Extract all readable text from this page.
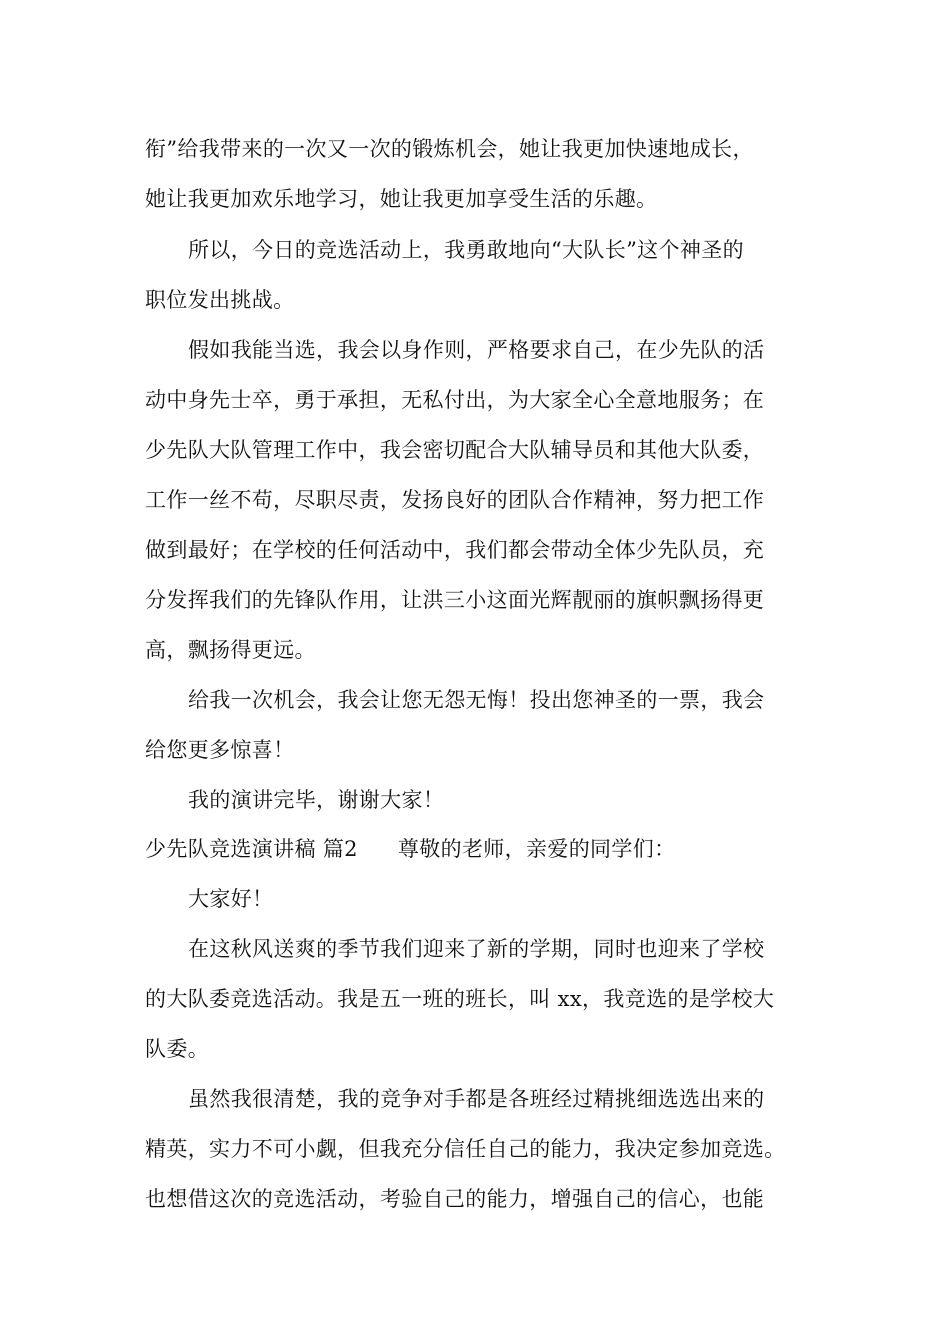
衔”给我带来的一次又一次的锻炼机会，她让我更加快速地成长，
她让我更加欢乐地学习，她让我更加享受生活的乐趣。
所以，今日的竞选活动上，我勇敢地向“大队长”这个神圣的
职位发出挑战。
假如我能当选，我会以身作则，严格要求自己，在少先队的活
动中身先士卒，勇于承担，无私付出，为大家全心全意地服务；在
少先队大队管理工作中，我会密切配合大队辅导员和其他大队委，
工作一丝不苟，尽职尽责，发扬良好的团队合作精神，努力把工作
做到最好；在学校的任何活动中，我们都会带动全体少先队员，充
分发挥我们的先锋队作用，让洪三小这面光辉靓丽的旗帜飘扬得更
高，飘扬得更远。
给我一次机会，我会让您无怨无悔！投出您神圣的一票，我会
给您更多惊喜！
我的演讲完毕，谢谢大家！
少先队竞选演讲稿 篇2 尊敬的老师，亲爱的同学们：
大家好！
在这秋风送爽的季节我们迎来了新的学期，同时也迎来了学校
的大队委竞选活动。我是五一班的班长，叫 xx，我竞选的是学校大
队委。
虽然我很清楚，我的竞争对手都是各班经过精挑细选选出来的
精英，实力不可小觑，但我充分信任自己的能力，我决定参加竞选。
也想借这次的竞选活动，考验自己的能力，增强自己的信心，也能
